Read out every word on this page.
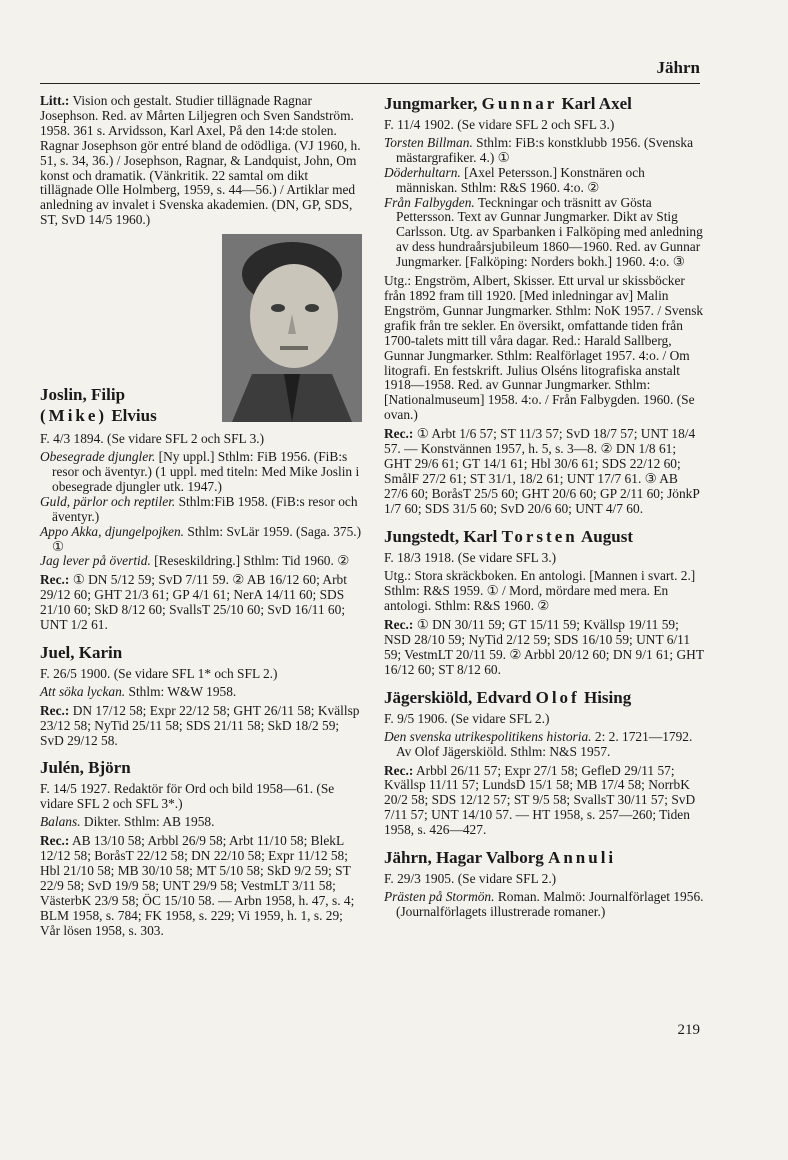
Jährn

Litt.: Vision och gestalt. Studier tillägnade Ragnar Josephson. Red. av Mårten Liljegren och Sven Sandström. 1958. 361 s. Arvidsson, Karl Axel, På den 14:de stolen. Ragnar Josephson gör entré bland de odödliga. (VJ 1960, h. 51, s. 34, 36.) / Josephson, Ragnar, & Landquist, John, Om konst och dramatik. (Vänkritik. 22 samtal om dikt tillägnade Olle Holmberg, 1959, s. 44—56.) / Artiklar med anledning av invalet i Svenska akademien. (DN, GP, SDS, ST, SvD 14/5 1960.)

Joslin, Filip
(Mike) Elvius

F. 4/3 1894. (Se vidare SFL 2 och SFL 3.)

Obesegrade djungler. [Ny uppl.] Sthlm: FiB 1956. (FiB:s resor och äventyr.) (1 uppl. med titeln: Med Mike Joslin i obesegrade djungler utk. 1947.)

Guld, pärlor och reptiler. Sthlm:FiB 1958. (FiB:s resor och äventyr.)

Appo Akka, djungelpojken. Sthlm: SvLär 1959. (Saga. 375.) ①

Jag lever på övertid. [Reseskildring.] Sthlm: Tid 1960. ②

Rec.: ① DN 5/12 59; SvD 7/11 59. ② AB 16/12 60; Arbt 29/12 60; GHT 21/3 61; GP 4/1 61; NerA 14/11 60; SDS 21/10 60; SkD 8/12 60; SvallsT 25/10 60; SvD 16/11 60; UNT 1/2 61.

Juel, Karin

F. 26/5 1900. (Se vidare SFL 1* och SFL 2.)

Att söka lyckan. Sthlm: W&W 1958.

Rec.: DN 17/12 58; Expr 22/12 58; GHT 26/11 58; Kvällsp 23/12 58; NyTid 25/11 58; SDS 21/11 58; SkD 18/2 59; SvD 29/12 58.

Julén, Björn

F. 14/5 1927. Redaktör för Ord och bild 1958—61. (Se vidare SFL 2 och SFL 3*.)

Balans. Dikter. Sthlm: AB 1958.

Rec.: AB 13/10 58; Arbbl 26/9 58; Arbt 11/10 58; BlekL 12/12 58; BoråsT 22/12 58; DN 22/10 58; Expr 11/12 58; Hbl 21/10 58; MB 30/10 58; MT 5/10 58; SkD 9/2 59; ST 22/9 58; SvD 19/9 58; UNT 29/9 58; VestmLT 3/11 58; VästerbK 23/9 58; ÖC 15/10 58. — Arbn 1958, h. 47, s. 4; BLM 1958, s. 784; FK 1958, s. 229; Vi 1959, h. 1, s. 29; Vår lösen 1958, s. 303.

Jungmarker, Gunnar Karl Axel

F. 11/4 1902. (Se vidare SFL 2 och SFL 3.)

Torsten Billman. Sthlm: FiB:s konstklubb 1956. (Svenska mästargrafiker. 4.) ①

Döderhultarn. [Axel Petersson.] Konstnären och människan. Sthlm: R&S 1960. 4:o. ②

Från Falbygden. Teckningar och träsnitt av Gösta Pettersson. Text av Gunnar Jungmarker. Dikt av Stig Carlsson. Utg. av Sparbanken i Falköping med anledning av dess hundraårsjubileum 1860—1960. Red. av Gunnar Jungmarker. [Falköping: Norders bokh.] 1960. 4:o. ③

Utg.: Engström, Albert, Skisser. Ett urval ur skissböcker från 1892 fram till 1920. [Med inledningar av] Malin Engström, Gunnar Jungmarker. Sthlm: NoK 1957. / Svensk grafik från tre sekler. En översikt, omfattande tiden från 1700-talets mitt till våra dagar. Red.: Harald Sallberg, Gunnar Jungmarker. Sthlm: Realförlaget 1957. 4:o. / Om litografi. En festskrift. Julius Olséns litografiska anstalt 1918—1958. Red. av Gunnar Jungmarker. Sthlm: [Nationalmuseum] 1958. 4:o. / Från Falbygden. 1960. (Se ovan.)

Rec.: ① Arbt 1/6 57; ST 11/3 57; SvD 18/7 57; UNT 18/4 57. — Konstvännen 1957, h. 5, s. 3—8. ② DN 1/8 61; GHT 29/6 61; GT 14/1 61; Hbl 30/6 61; SDS 22/12 60; SmålF 27/2 61; ST 31/1, 18/2 61; UNT 17/7 61. ③ AB 27/6 60; BoråsT 25/5 60; GHT 20/6 60; GP 2/11 60; JönkP 1/7 60; SDS 31/5 60; SvD 20/6 60; UNT 4/7 60.

Jungstedt, Karl Torsten August

F. 18/3 1918. (Se vidare SFL 3.)

Utg.: Stora skräckboken. En antologi. [Mannen i svart. 2.] Sthlm: R&S 1959. ① / Mord, mördare med mera. En antologi. Sthlm: R&S 1960. ②

Rec.: ① DN 30/11 59; GT 15/11 59; Kvällsp 19/11 59; NSD 28/10 59; NyTid 2/12 59; SDS 16/10 59; UNT 6/11 59; VestmLT 20/11 59. ② Arbbl 20/12 60; DN 9/1 61; GHT 16/12 60; ST 8/12 60.

Jägerskiöld, Edvard Olof Hising

F. 9/5 1906. (Se vidare SFL 2.)

Den svenska utrikespolitikens historia. 2: 2. 1721—1792. Av Olof Jägerskiöld. Sthlm: N&S 1957.

Rec.: Arbbl 26/11 57; Expr 27/1 58; GefleD 29/11 57; Kvällsp 11/11 57; LundsD 15/1 58; MB 17/4 58; NorrbK 20/2 58; SDS 12/12 57; ST 9/5 58; SvallsT 30/11 57; SvD 7/11 57; UNT 14/10 57. — HT 1958, s. 257—260; Tiden 1958, s. 426—427.

Jährn, Hagar Valborg Annuli

F. 29/3 1905. (Se vidare SFL 2.)

Prästen på Stormön. Roman. Malmö: Journalförlaget 1956. (Journalförlagets illustrerade romaner.)

219
